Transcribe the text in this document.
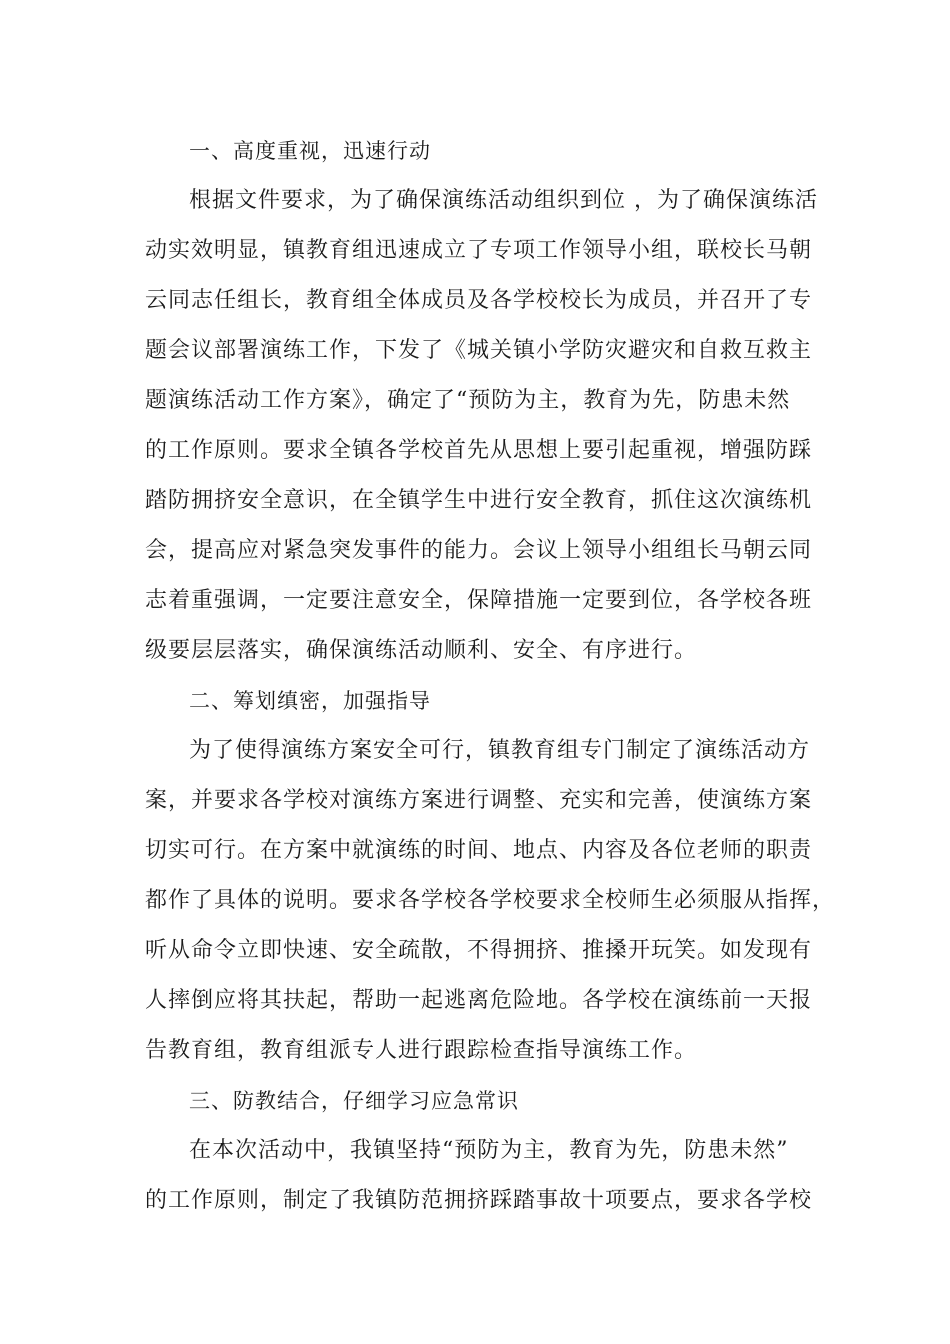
一、高度重视，迅速行动

根据文件要求，为了确保演练活动组织到位 ，为了确保演练活
动实效明显，镇教育组迅速成立了专项工作领导小组，联校长马朝
云同志任组长，教育组全体成员及各学校校长为成员，并召开了专
题会议部署演练工作，下发了《城关镇小学防灾避灾和自救互救主
题演练活动工作方案》，确定了“预防为主，教育为先，防患未然
的工作原则。要求全镇各学校首先从思想上要引起重视，增强防踩
踏防拥挤安全意识，在全镇学生中进行安全教育，抓住这次演练机
会，提高应对紧急突发事件的能力。会议上领导小组组长马朝云同
志着重强调，一定要注意安全，保障措施一定要到位，各学校各班
级要层层落实，确保演练活动顺利、安全、有序进行。

二、筹划缜密，加强指导

为了使得演练方案安全可行，镇教育组专门制定了演练活动方
案，并要求各学校对演练方案进行调整、充实和完善，使演练方案
切实可行。在方案中就演练的时间、地点、内容及各位老师的职责
都作了具体的说明。要求各学校各学校要求全校师生必须服从指挥，
听从命令立即快速、安全疏散，不得拥挤、推搡开玩笑。如发现有
人摔倒应将其扶起，帮助一起逃离危险地。各学校在演练前一天报
告教育组，教育组派专人进行跟踪检查指导演练工作。

三、防教结合，仔细学习应急常识

在本次活动中，我镇坚持“预防为主，教育为先，防患未然”
的工作原则，制定了我镇防范拥挤踩踏事故十项要点，要求各学校
